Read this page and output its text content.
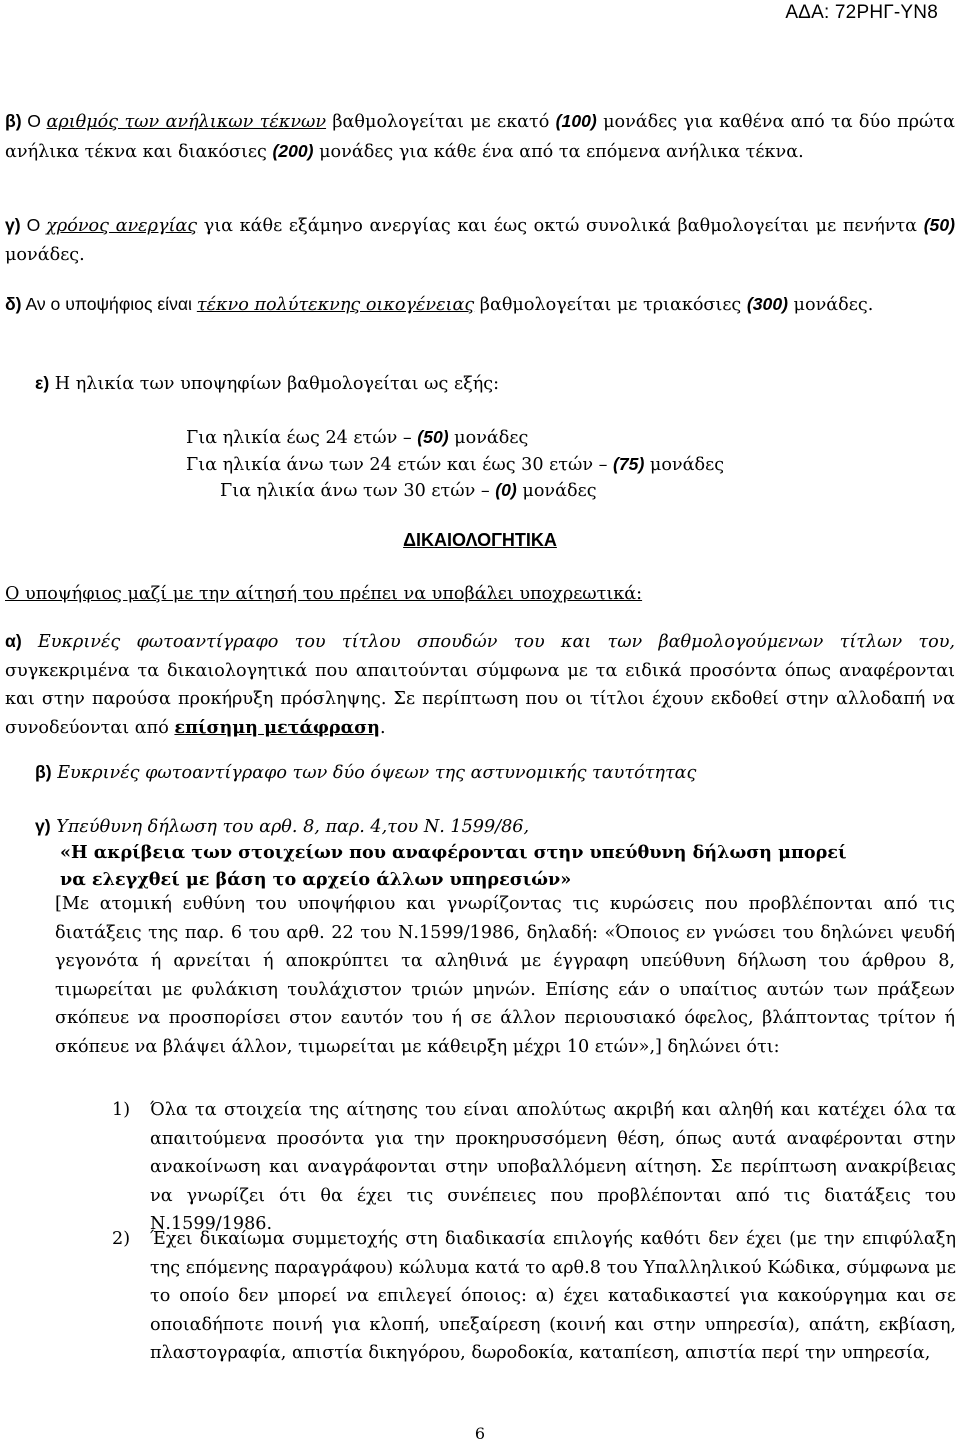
ΑΔΑ: 72ΡΗΓ-ΥΝ8
β) Ο αριθμός των ανήλικων τέκνων βαθμολογείται με εκατό (100) μονάδες για καθένα από τα δύο πρώτα ανήλικα τέκνα και διακόσιες (200) μονάδες για κάθε ένα από τα επόμενα ανήλικα τέκνα.
γ) Ο χρόνος ανεργίας για κάθε εξάμηνο ανεργίας και έως οκτώ συνολικά βαθμολογείται με πενήντα (50) μονάδες.
δ) Αν ο υποψήφιος είναι τέκνο πολύτεκνης οικογένειας βαθμολογείται με τριακόσιες (300) μονάδες.
ε) Η ηλικία των υποψηφίων βαθμολογείται ως εξής:
Για ηλικία έως 24 ετών – (50) μονάδες
Για ηλικία άνω των 24 ετών και έως 30 ετών – (75) μονάδες
Για ηλικία άνω των 30 ετών – (0) μονάδες
ΔΙΚΑΙΟΛΟΓΗΤΙΚΑ
Ο υποψήφιος μαζί με την αίτησή του πρέπει να υποβάλει υποχρεωτικά:
α) Ευκρινές φωτοαντίγραφο του τίτλου σπουδών του και των βαθμολογούμενων τίτλων του, συγκεκριμένα τα δικαιολογητικά που απαιτούνται σύμφωνα με τα ειδικά προσόντα όπως αναφέρονται και στην παρούσα προκήρυξη πρόσληψης. Σε περίπτωση που οι τίτλοι έχουν εκδοθεί στην αλλοδαπή να συνοδεύονται από επίσημη μετάφραση.
β) Ευκρινές φωτοαντίγραφο των δύο όψεων της αστυνομικής ταυτότητας
γ) Υπεύθυνη δήλωση του αρθ. 8, παρ. 4,του Ν. 1599/86,
«Η ακρίβεια των στοιχείων που αναφέρονται στην υπεύθυνη δήλωση μπορεί
να ελεγχθεί με βάση το αρχείο άλλων υπηρεσιών»
[Με ατομική ευθύνη του υποψήφιου και γνωρίζοντας τις κυρώσεις που προβλέπονται από τις διατάξεις της παρ. 6 του αρθ. 22 του Ν.1599/1986, δηλαδή: «Όποιος εν γνώσει του δηλώνει ψευδή γεγονότα ή αρνείται ή αποκρύπτει τα αληθινά με έγγραφη υπεύθυνη δήλωση του άρθρου 8, τιμωρείται με φυλάκιση τουλάχιστον τριών μηνών. Επίσης εάν ο υπαίτιος αυτών των πράξεων σκόπευε να προσπορίσει στον εαυτόν του ή σε άλλον περιουσιακό όφελος, βλάπτοντας τρίτον ή σκόπευε να βλάψει άλλον, τιμωρείται με κάθειρξη μέχρι 10 ετών»,] δηλώνει ότι:
1) Όλα τα στοιχεία της αίτησης του είναι απολύτως ακριβή και αληθή και κατέχει όλα τα απαιτούμενα προσόντα για την προκηρυσσόμενη θέση, όπως αυτά αναφέρονται στην ανακοίνωση και αναγράφονται στην υποβαλλόμενη αίτηση. Σε περίπτωση ανακρίβειας να γνωρίζει ότι θα έχει τις συνέπειες που προβλέπονται από τις διατάξεις του Ν.1599/1986.
2) Έχει δικαίωμα συμμετοχής στη διαδικασία επιλογής καθότι δεν έχει (με την επιφύλαξη της επόμενης παραγράφου) κώλυμα κατά το αρθ.8 του Υπαλληλικού Κώδικα, σύμφωνα με το οποίο δεν μπορεί να επιλεγεί όποιος: α) έχει καταδικαστεί για κακούργημα και σε οποιαδήποτε ποινή για κλοπή, υπεξαίρεση (κοινή και στην υπηρεσία), απάτη, εκβίαση, πλαστογραφία, απιστία δικηγόρου, δωροδοκία, καταπίεση, απιστία περί την υπηρεσία,
6
